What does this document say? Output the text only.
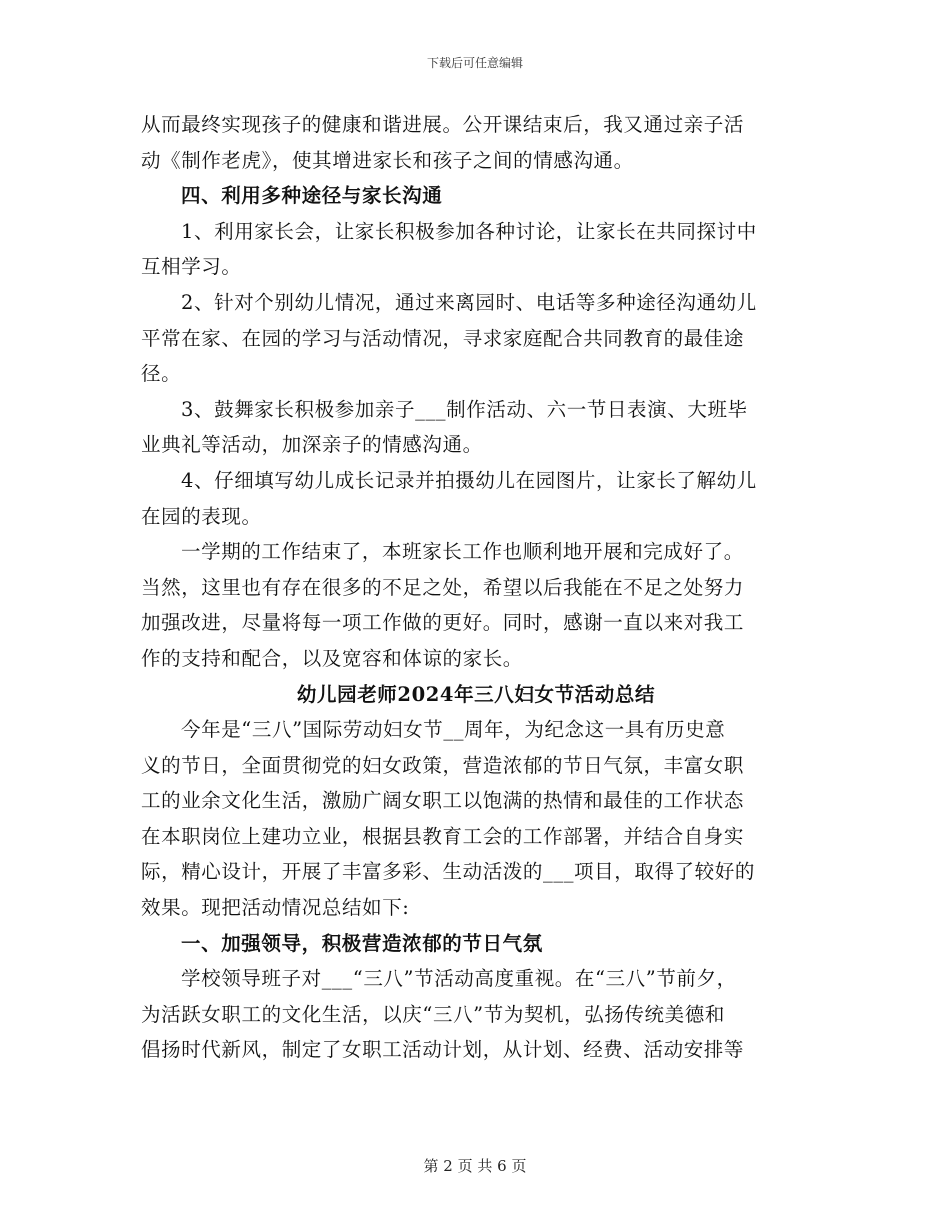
下载后可任意编辑
从而最终实现孩子的健康和谐进展。公开课结束后，我又通过亲子活
动《制作老虎》，使其增进家长和孩子之间的情感沟通。
四、利用多种途径与家长沟通
1、利用家长会，让家长积极参加各种讨论，让家长在共同探讨中
互相学习。
2、针对个别幼儿情况，通过来离园时、电话等多种途径沟通幼儿
平常在家、在园的学习与活动情况，寻求家庭配合共同教育的最佳途
径。
3、鼓舞家长积极参加亲子___制作活动、六一节日表演、大班毕
业典礼等活动，加深亲子的情感沟通。
4、仔细填写幼儿成长记录并拍摄幼儿在园图片，让家长了解幼儿
在园的表现。
一学期的工作结束了，本班家长工作也顺利地开展和完成好了。
当然，这里也有存在很多的不足之处，希望以后我能在不足之处努力
加强改进，尽量将每一项工作做的更好。同时，感谢一直以来对我工
作的支持和配合，以及宽容和体谅的家长。
幼儿园老师2024年三八妇女节活动总结
今年是“三八”国际劳动妇女节__周年，为纪念这一具有历史意
义的节日，全面贯彻党的妇女政策，营造浓郁的节日气氛，丰富女职
工的业余文化生活，激励广阔女职工以饱满的热情和最佳的工作状态
在本职岗位上建功立业，根据县教育工会的工作部署，并结合自身实
际，精心设计，开展了丰富多彩、生动活泼的___项目，取得了较好的
效果。现把活动情况总结如下:
一、加强领导，积极营造浓郁的节日气氛
学校领导班子对___“三八”节活动高度重视。在“三八”节前夕，
为活跃女职工的文化生活，以庆“三八”节为契机，弘扬传统美德和
倡扬时代新风，制定了女职工活动计划，从计划、经费、活动安排等
第 2 页 共 6 页
